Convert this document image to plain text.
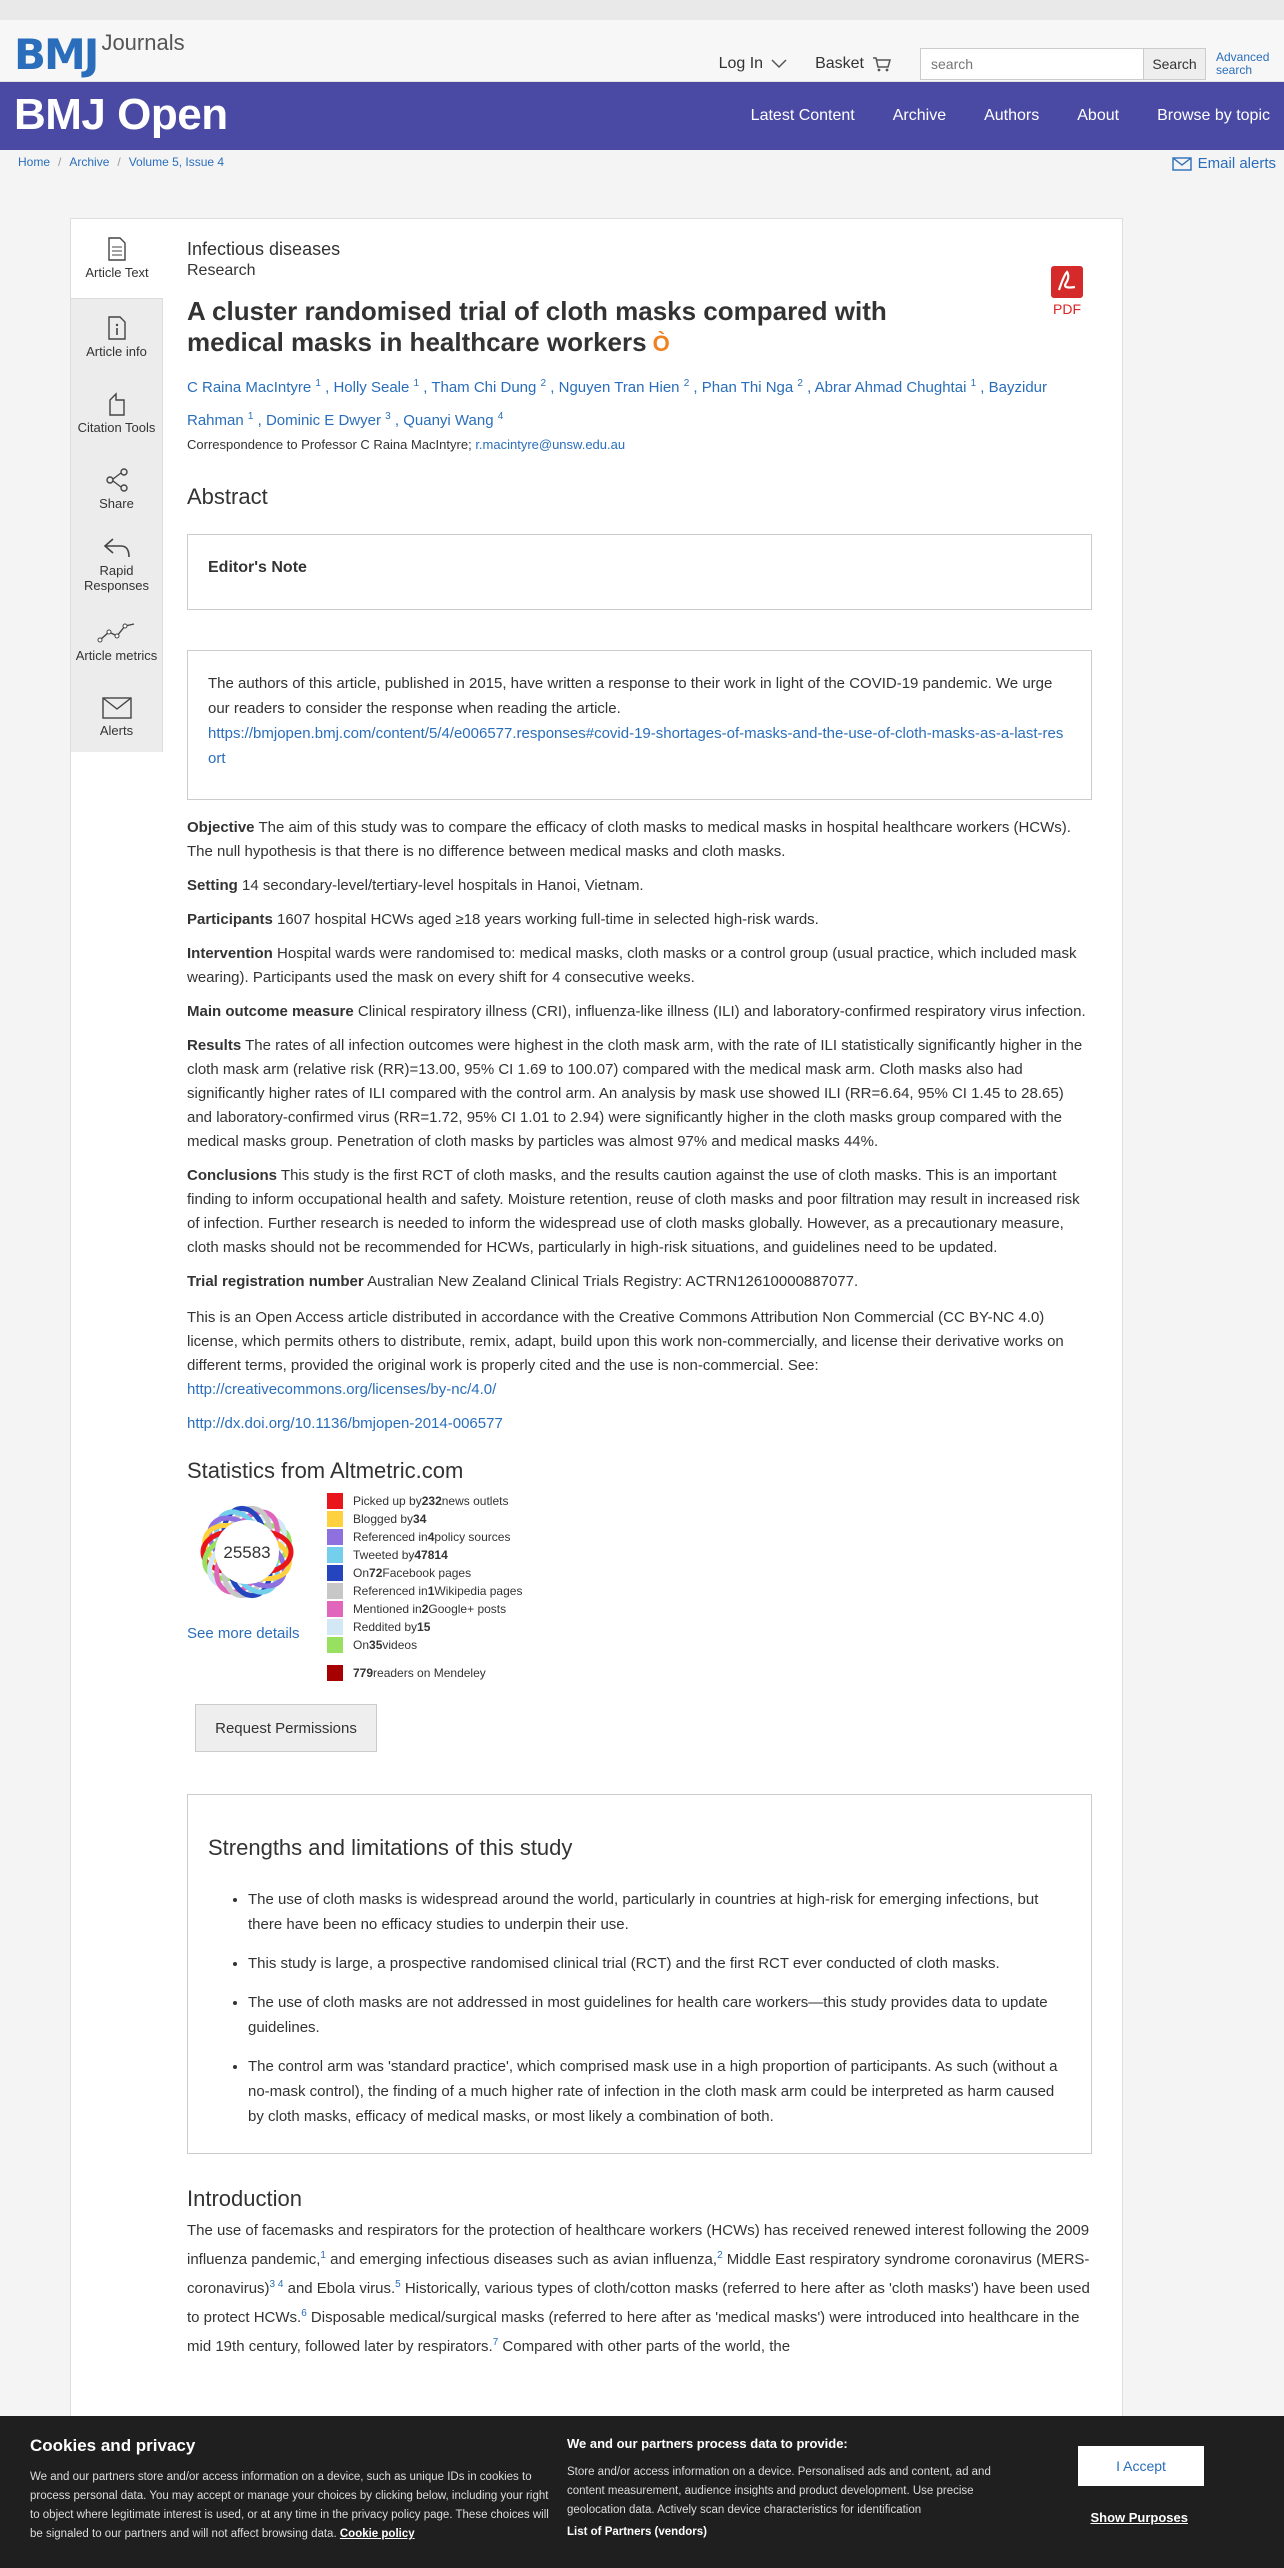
BMJ Journals
Log In	Basket
search	Search	Advanced search
BMJ Open	Latest Content Archive Authors About Browse by topic
Home / Archive / Volume 5, Issue 4	Email alerts
Article Text
Article info
Citation Tools
Share
Rapid Responses
Article metrics
Alerts
Infectious diseases
Research
PDF
A cluster randomised trial of cloth masks compared with medical masks in healthcare workers Ò
C Raina MacIntyre $^1$ , Holly Seale $^1$ , Tham Chi Dung $^2$ , Nguyen Tran Hien $^2$ , Phan Thi Nga $^2$ , Abrar Ahmad Chughtai $^1$ , Bayzidur Rahman $^1$ , Dominic E Dwyer $^3$ , Quanyi Wang $^4$
Correspondence to Professor C Raina MacIntyre; r.macintyre@unsw.edu.au
Abstract
Editor's Note
The authors of this article, published in 2015, have written a response to their work in light of the COVID-19 pandemic. We urge our readers to consider the response when reading the article.
https://bmjopen.bmj.com/content/5/4/e006577.responses#covid-19-shortages-of-masks-and-the-use-of-cloth-masks-as-a-last-resort

Objective The aim of this study was to compare the efficacy of cloth masks to medical masks in hospital healthcare workers (HCWs). The null hypothesis is that there is no difference between medical masks and cloth masks.

Setting 14 secondary-level/tertiary-level hospitals in Hanoi, Vietnam.

Participants 1607 hospital HCWs aged ≥18 years working full-time in selected high-risk wards.

Intervention Hospital wards were randomised to: medical masks, cloth masks or a control group (usual practice, which included mask wearing). Participants used the mask on every shift for 4 consecutive weeks.

Main outcome measure Clinical respiratory illness (CRI), influenza-like illness (ILI) and laboratory-confirmed respiratory virus infection.

Results The rates of all infection outcomes were highest in the cloth mask arm, with the rate of ILI statistically significantly higher in the cloth mask arm (relative risk (RR)=13.00, 95% CI 1.69 to 100.07) compared with the medical mask arm. Cloth masks also had significantly higher rates of ILI compared with the control arm. An analysis by mask use showed ILI (RR=6.64, 95% CI 1.45 to 28.65) and laboratory-confirmed virus (RR=1.72, 95% CI 1.01 to 2.94) were significantly higher in the cloth masks group compared with the medical masks group. Penetration of cloth masks by particles was almost 97% and medical masks 44%.

Conclusions This study is the first RCT of cloth masks, and the results caution against the use of cloth masks. This is an important finding to inform occupational health and safety. Moisture retention, reuse of cloth masks and poor filtration may result in increased risk of infection. Further research is needed to inform the widespread use of cloth masks globally. However, as a precautionary measure, cloth masks should not be recommended for HCWs, particularly in high-risk situations, and guidelines need to be updated.

Trial registration number Australian New Zealand Clinical Trials Registry: ACTRN12610000887077.

This is an Open Access article distributed in accordance with the Creative Commons Attribution Non Commercial (CC BY-NC 4.0) license, which permits others to distribute, remix, adapt, build upon this work non-commercially, and license their derivative works on different terms, provided the original work is properly cited and the use is non-commercial. See:
http://creativecommons.org/licenses/by-nc/4.0/

http://dx.doi.org/10.1136/bmjopen-2014-006577

Statistics from Altmetric.com
25583
See more details
Picked up by 232 news outlets
Blogged by 34
Referenced in 4 policy sources
Tweeted by 47814
On 72 Facebook pages
Referenced in 1 Wikipedia pages
Mentioned in 2 Google+ posts
Reddited by 15
On 35 videos
779 readers on Mendeley
Request Permissions
Strengths and limitations of this study
• The use of cloth masks is widespread around the world, particularly in countries at high-risk for emerging infections, but there have been no efficacy studies to underpin their use.
• This study is large, a prospective randomised clinical trial (RCT) and the first RCT ever conducted of cloth masks.
• The use of cloth masks are not addressed in most guidelines for health care workers—this study provides data to update guidelines.
• The control arm was 'standard practice', which comprised mask use in a high proportion of participants. As such (without a no-mask control), the finding of a much higher rate of infection in the cloth mask arm could be interpreted as harm caused by cloth masks, efficacy of medical masks, or most likely a combination of both.
Introduction

The use of facemasks and respirators for the protection of healthcare workers (HCWs) has received renewed interest following the 2009 influenza pandemic,$^1$ and emerging infectious diseases such as avian influenza,$^2$ Middle East respiratory syndrome coronavirus (MERS-coronavirus)$^{3 4}$ and Ebola virus.$^5$ Historically, various types of cloth/cotton masks (referred to here after as 'cloth masks') have been used to protect HCWs.$^6$ Disposable medical/surgical masks (referred to here after as 'medical masks') were introduced into healthcare in the mid 19th century, followed later by respirators.$^7$ Compared with other parts of the world, the

Cookies and privacy
We and our partners store and/or access information on a device, such as unique IDs in cookies to process personal data. You may accept or manage your choices by clicking below, including your right to object where legitimate interest is used, or at any time in the privacy policy page. These choices will be signaled to our partners and will not affect browsing data. Cookie policy
We and our partners process data to provide:
Store and/or access information on a device. Personalised ads and content, ad and content measurement, audience insights and product development. Use precise geolocation data. Actively scan device characteristics for identification
List of Partners (vendors)
I Accept
Show Purposes
